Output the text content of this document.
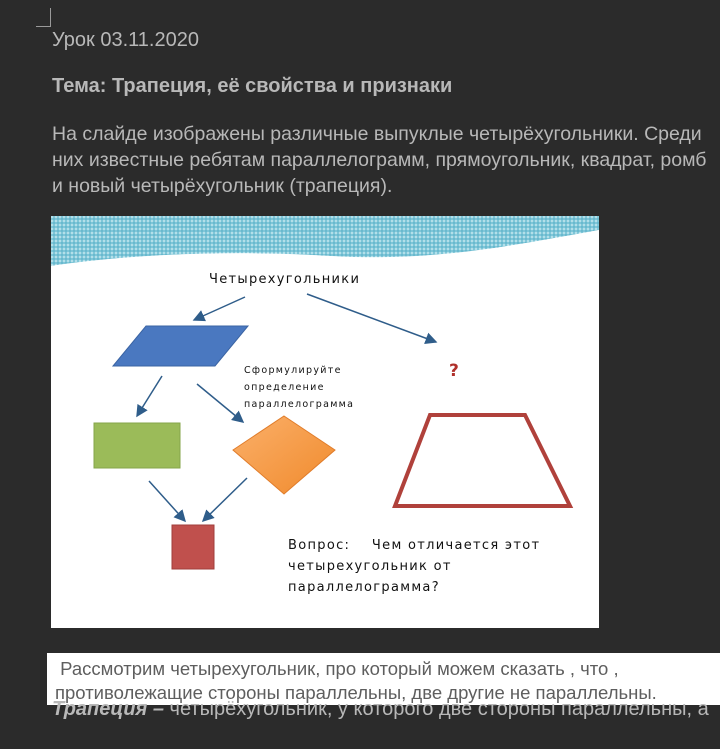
Урок 03.11.2020
Тема: Трапеция, её свойства и признаки
На слайде изображены различные выпуклые четырёхугольники. Среди них известные ребятам параллелограмм, прямоугольник, квадрат, ромб и новый четырёхугольник (трапеция).
Четырехугольники
Сформулируйте
определение
параллелограмма
?
Вопрос:    Чем отличается этот
четырехугольник от
параллелограмма?
Рассмотрим четырехугольник, про который можем сказать , что ,
противолежащие стороны параллельны, две другие не параллельны.
Трапеция – четырёхугольник, у которого две стороны параллельны, а
